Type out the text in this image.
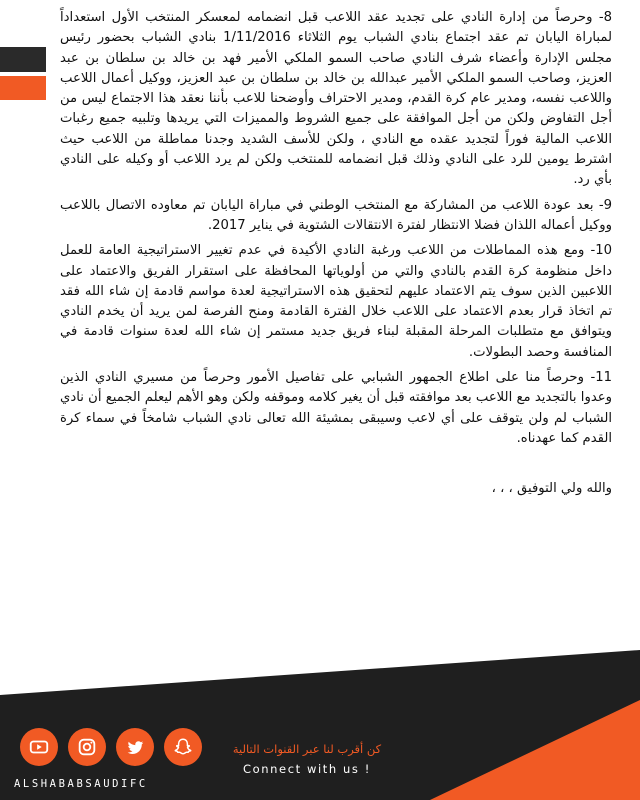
8- وحرصاً من إدارة النادي على تجديد عقد اللاعب قبل انضمامه لمعسكر المنتخب الأول استعداداً لمباراة اليابان تم عقد اجتماع بنادي الشباب يوم الثلاثاء 1/11/2016 بنادي الشباب بحضور رئيس مجلس الإدارة وأعضاء شرف النادي صاحب السمو الملكي الأمير فهد بن خالد بن سلطان بن عبد العزيز، وصاحب السمو الملكي الأمير عبدالله بن خالد بن سلطان بن عبد العزيز، ووكيل أعمال اللاعب واللاعب نفسه، ومدير عام كرة القدم، ومدير الاحتراف وأوضحنا للاعب بأننا نعقد هذا الاجتماع ليس من أجل التفاوض ولكن من أجل الموافقة على جميع الشروط والمميزات التي يريدها وتلبيه جميع رغبات اللاعب المالية فوراً لتجديد عقده مع النادي ، ولكن للأسف الشديد وجدنا مماطلة من اللاعب حيث اشترط يومين للرد على النادي وذلك قبل انضمامه للمنتخب ولكن لم يرد اللاعب أو وكيله على النادي بأي رد.

9- بعد عودة اللاعب من المشاركة مع المنتخب الوطني في مباراة اليابان تم معاوده الاتصال باللاعب ووكيل أعماله اللذان فضلا الانتظار لفترة الانتقالات الشتوية في يناير 2017.

10- ومع هذه المماطلات من اللاعب ورغبة النادي الأكيدة في عدم تغيير الاستراتيجية العامة للعمل داخل منظومة كرة القدم بالنادي والتي من أولوياتها المحافظة على استقرار الفريق والاعتماد على اللاعبين الذين سوف يتم الاعتماد عليهم لتحقيق هذه الاستراتيجية لعدة مواسم قادمة إن شاء الله فقد تم اتخاذ قرار بعدم الاعتماد على اللاعب خلال الفترة القادمة ومنح الفرصة لمن يريد أن يخدم النادي ويتوافق مع متطلبات المرحلة المقبلة لبناء فريق جديد مستمر إن شاء الله لعدة سنوات قادمة في المنافسة وحصد البطولات.

11- وحرصاً منا على اطلاع الجمهور الشبابي على تفاصيل الأمور وحرصاً من مسيري النادي الذين وعدوا بالتجديد مع اللاعب بعد موافقته قبل أن يغير كلامه وموقفه ولكن وهو الأهم ليعلم الجميع أن نادي الشباب لم ولن يتوقف على أي لاعب وسيبقى بمشيئة الله تعالى نادي الشباب شامخاً في سماء كرة القدم كما عهدناه.

والله ولي التوفيق ، ، ،

ALSHABABSAUDIFC
كن أقرب لنا عبر القنوات التالية
Connect with us !
